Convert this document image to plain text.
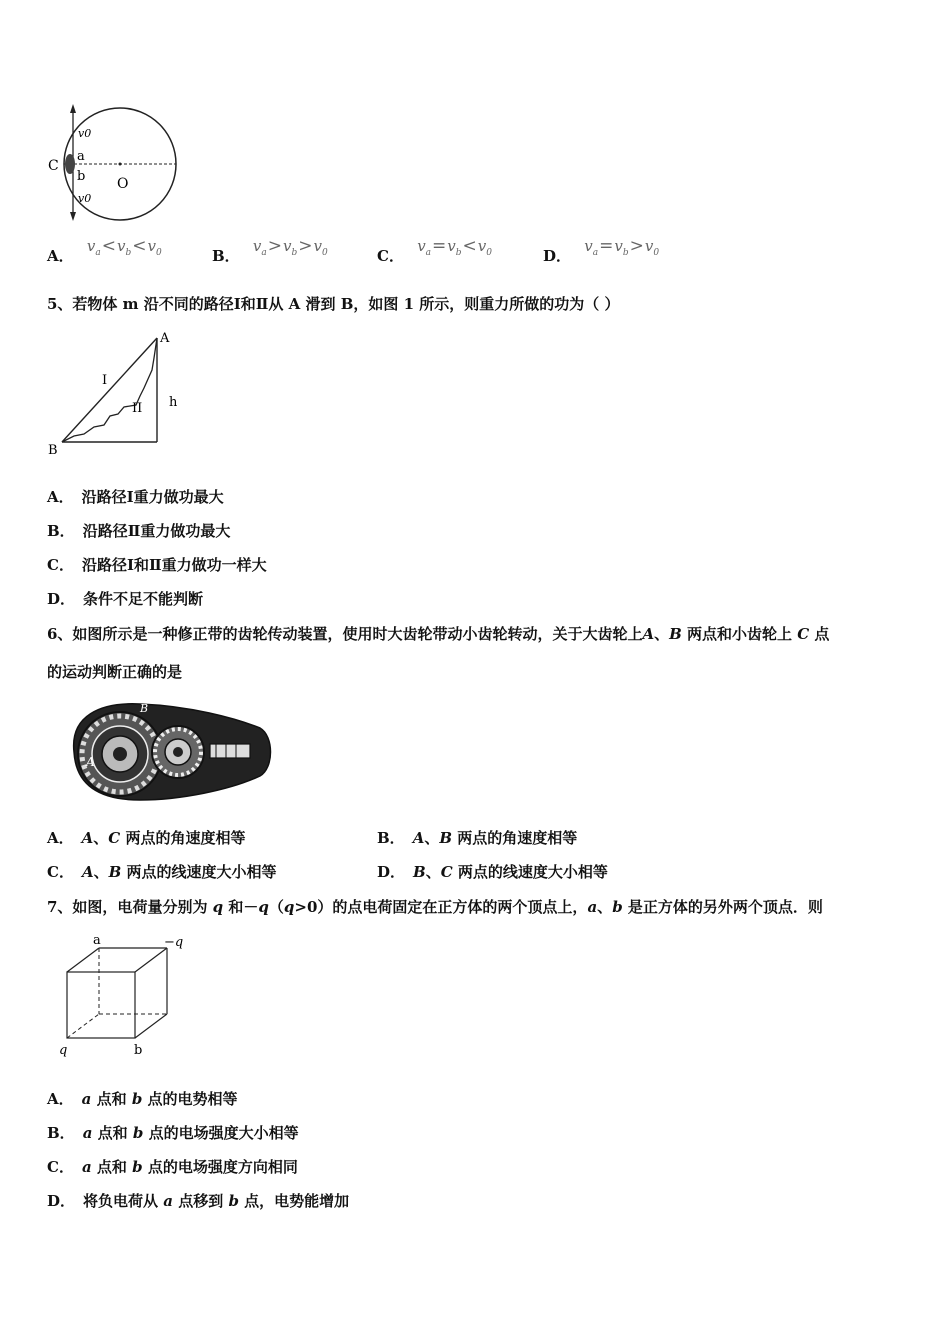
C
a
b O
v0
v0
A． $v_a<v_b<v_0$	B． $v_a>v_b>v_0$	C． $v_a=v_b<v_0$	D． $v_a=v_b>v_0$
5、若物体 m 沿不同的路径Ⅰ和Ⅱ从 A 滑到 B，如图 1 所示，则重力所做的功为（ ）
A
B
h
I
II
A． 沿路径Ⅰ重力做功最大
B． 沿路径Ⅱ重力做功最大
C． 沿路径Ⅰ和Ⅱ重力做功一样大
D． 条件不足不能判断
6、如图所示是一种修正带的齿轮传动装置，使用时大齿轮带动小齿轮转动，关于大齿轮上A、B 两点和小齿轮上 C 点
的运动判断正确的是
A
B
A． A、C 两点的角速度相等	B． A、B 两点的角速度相等
C． A、B 两点的线速度大小相等	D． B、C 两点的线速度大小相等
7、如图，电荷量分别为 q 和－q（q>0）的点电荷固定在正方体的两个顶点上，a、b 是正方体的另外两个顶点．则
a	−q
q	b
A． a 点和 b 点的电势相等
B． a 点和 b 点的电场强度大小相等
C． a 点和 b 点的电场强度方向相同
D． 将负电荷从 a 点移到 b 点，电势能增加
